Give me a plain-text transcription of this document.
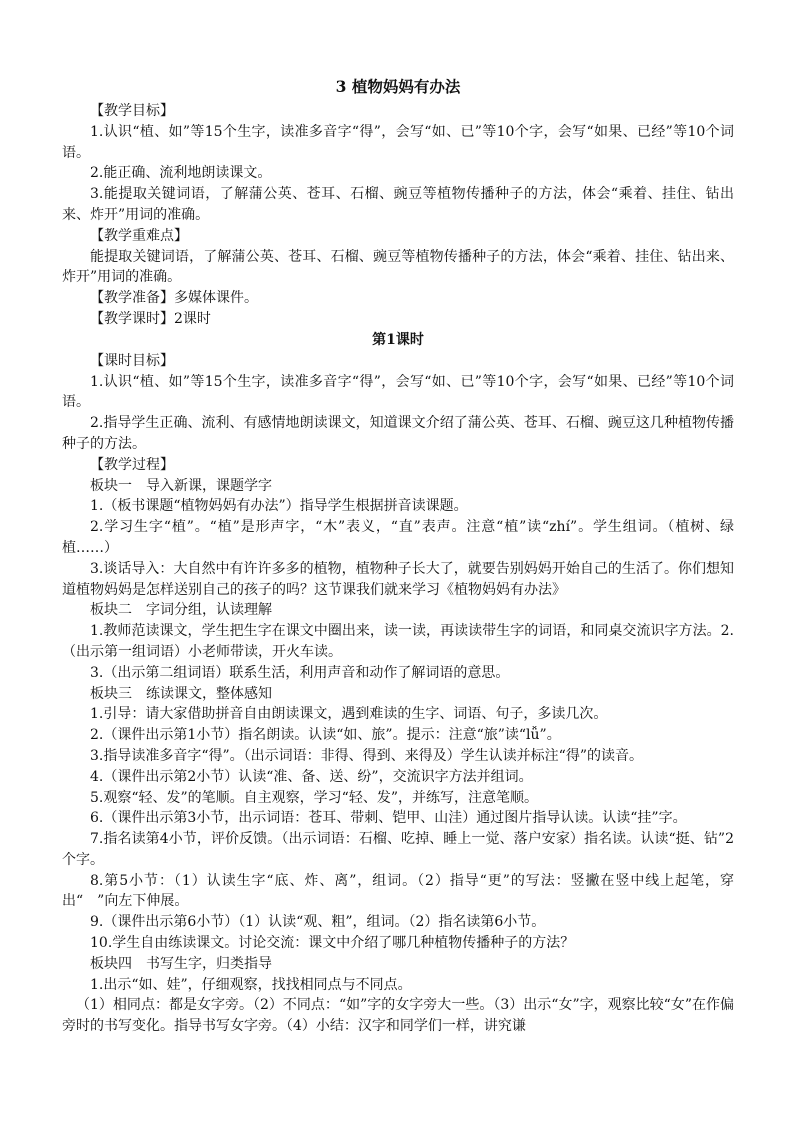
3 植物妈妈有办法
【教学目标】
1.认识“植、如”等15个生字，读准多音字“得”，会写“如、已”等10个字，会写“如果、已经”等10个词语。
2.能正确、流利地朗读课文。
3.能提取关键词语，了解蒲公英、苍耳、石榴、豌豆等植物传播种子的方法，体会“乘着、挂住、钻出来、炸开”用词的准确。
【教学重难点】
能提取关键词语，了解蒲公英、苍耳、石榴、豌豆等植物传播种子的方法，体会“乘着、挂住、钻出来、炸开”用词的准确。
【教学准备】多媒体课件。
【教学课时】2课时
第1课时
【课时目标】
1.认识“植、如”等15个生字，读准多音字“得”，会写“如、已”等10个字，会写“如果、已经”等10个词语。
2.指导学生正确、流利、有感情地朗读课文，知道课文介绍了蒲公英、苍耳、石榴、豌豆这几种植物传播种子的方法。
【教学过程】
板块一　导入新课，课题学字
1.（板书课题“植物妈妈有办法”）指导学生根据拼音读课题。
2.学习生字“植”。“植”是形声字，“木”表义，“直”表声。注意“植”读“zhí”。学生组词。（植树、绿植……）
3.谈话导入：大自然中有许许多多的植物，植物种子长大了，就要告别妈妈开始自己的生活了。你们想知道植物妈妈是怎样送别自己的孩子的吗？这节课我们就来学习《植物妈妈有办法》
板块二　字词分组，认读理解
1.教师范读课文，学生把生字在课文中圈出来，读一读，再读读带生字的词语，和同桌交流识字方法。2.（出示第一组词语）小老师带读，开火车读。
3.（出示第二组词语）联系生活，利用声音和动作了解词语的意思。
板块三　练读课文，整体感知
1.引导：请大家借助拼音自由朗读课文，遇到难读的生字、词语、句子，多读几次。
2.（课件出示第1小节）指名朗读。认读“如、旅”。提示：注意“旅”读“lǚ”。
3.指导读准多音字“得”。（出示词语：非得、得到、来得及）学生认读并标注“得”的读音。
4.（课件出示第2小节）认读“准、备、送、纷”，交流识字方法并组词。
5.观察“轻、发”的笔顺。自主观察，学习“轻、发”，并练写，注意笔顺。
6.（课件出示第3小节，出示词语：苍耳、带刺、铠甲、山洼）通过图片指导认读。认读“挂”字。
7.指名读第4小节，评价反馈。（出示词语：石榴、吃掉、睡上一觉、落户安家）指名读。认读“挺、钻”2个字。
8.第5小节：（1）认读生字“底、炸、离”，组词。（2）指导“更”的写法：竖撇在竖中线上起笔，穿出“　”向左下伸展。
9.（课件出示第6小节）（1）认读“观、粗”，组词。（2）指名读第6小节。
10.学生自由练读课文。讨论交流：课文中介绍了哪几种植物传播种子的方法？
板块四　书写生字，归类指导
1.出示“如、娃”，仔细观察，找找相同点与不同点。
（1）相同点：都是女字旁。（2）不同点：“如”字的女字旁大一些。（3）出示“女”字，观察比较“女”在作偏旁时的书写变化。指导书写女字旁。（4）小结：汉字和同学们一样，讲究谦
